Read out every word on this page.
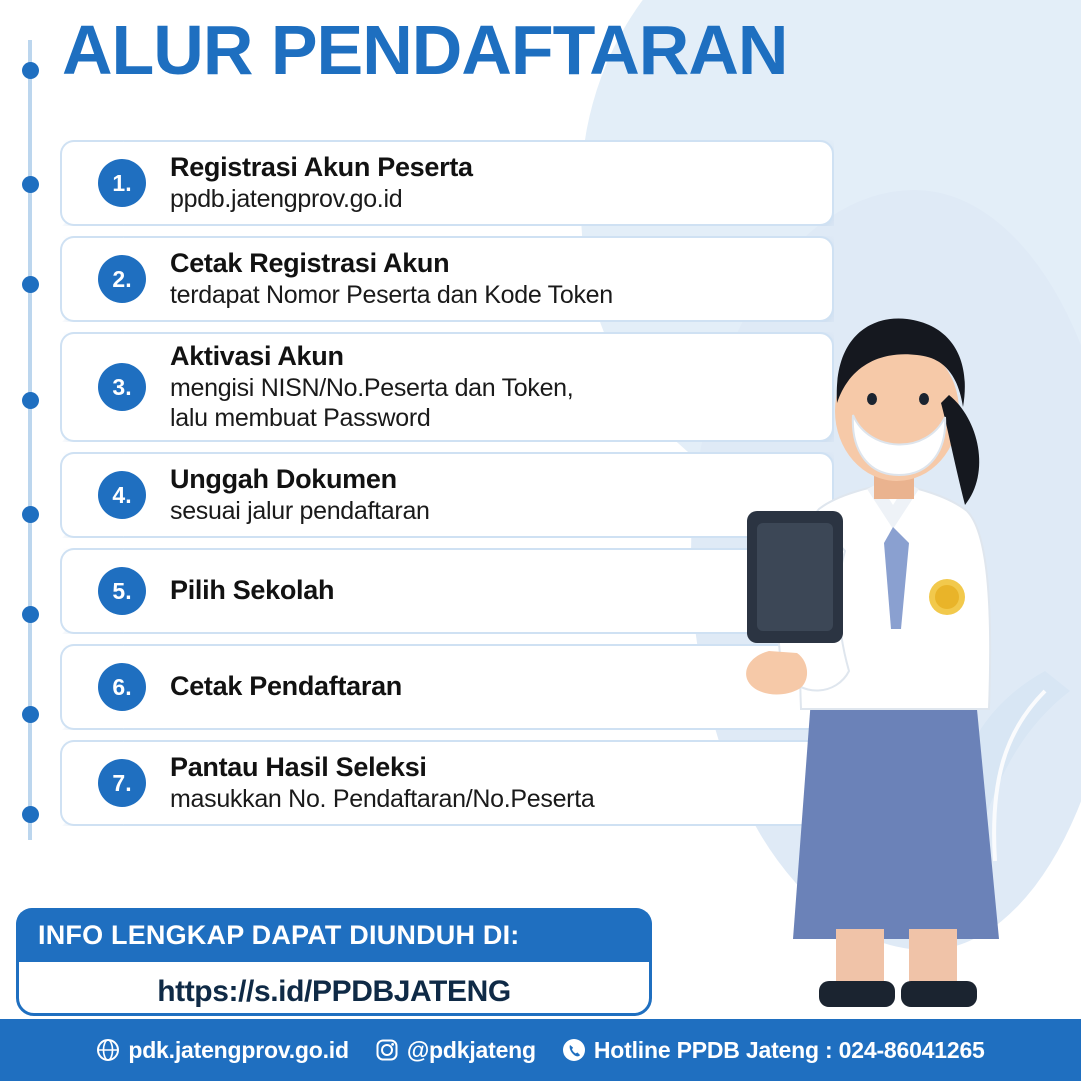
ALUR PENDAFTARAN
1.
Registrasi Akun Peserta
ppdb.jatengprov.go.id
2.
Cetak Registrasi Akun
terdapat Nomor Peserta dan Kode Token
3.
Aktivasi Akun
mengisi NISN/No.Peserta dan Token,
lalu membuat Password
4.
Unggah Dokumen
sesuai jalur pendaftaran
5.	Pilih Sekolah
6.	Cetak Pendaftaran
7.
Pantau Hasil Seleksi
masukkan No. Pendaftaran/No.Peserta
INFO LENGKAP DAPAT DIUNDUH DI:
https://s.id/PPDBJATENG
pdk.jatengprov.go.id	@pdkjateng	Hotline PPDB Jateng : 024-86041265
